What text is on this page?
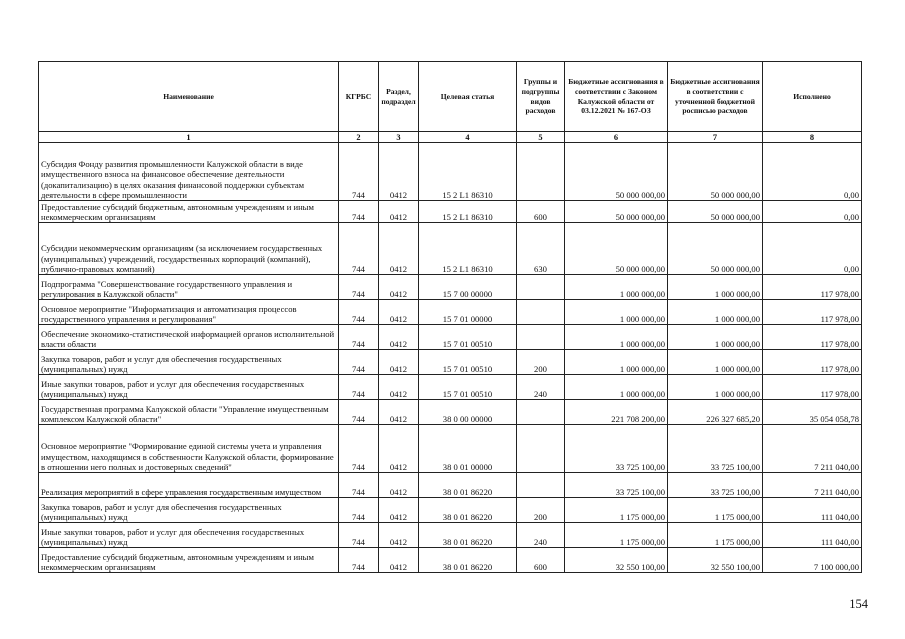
Наименование	КГРБС	Раздел, подраздел	Целевая статья	Группы и подгруппы видов расходов	Бюджетные ассигнования в соответствии с Законом Калужской области от 03.12.2021 № 167-ОЗ	Бюджетные ассигнования в соответствии с уточненной бюджетной росписью расходов	Исполнено
1	2	3	4	5	6	7	8
Субсидия Фонду развития промышленности Калужской области в виде имущественного взноса на финансовое обеспечение деятельности (докапитализацию) в целях оказания финансовой поддержки субъектам деятельности в сфере промышленности	744	0412	15 2 L1 86310		50 000 000,00	50 000 000,00	0,00
Предоставление субсидий бюджетным, автономным учреждениям и иным некоммерческим организациям	744	0412	15 2 L1 86310	600	50 000 000,00	50 000 000,00	0,00
Субсидии некоммерческим организациям (за исключением государственных (муниципальных) учреждений, государственных корпораций (компаний), публично-правовых компаний)	744	0412	15 2 L1 86310	630	50 000 000,00	50 000 000,00	0,00
Подпрограмма "Совершенствование государственного управления и регулирования в Калужской области"	744	0412	15 7 00 00000		1 000 000,00	1 000 000,00	117 978,00
Основное мероприятие "Информатизация и автоматизация процессов государственного управления и регулирования"	744	0412	15 7 01 00000		1 000 000,00	1 000 000,00	117 978,00
Обеспечение экономико-статистической информацией органов исполнительной власти области	744	0412	15 7 01 00510		1 000 000,00	1 000 000,00	117 978,00
Закупка товаров, работ и услуг для обеспечения государственных (муниципальных) нужд	744	0412	15 7 01 00510	200	1 000 000,00	1 000 000,00	117 978,00
Иные закупки товаров, работ и услуг для обеспечения государственных (муниципальных) нужд	744	0412	15 7 01 00510	240	1 000 000,00	1 000 000,00	117 978,00
Государственная программа Калужской области "Управление имущественным комплексом Калужской области"	744	0412	38 0 00 00000		221 708 200,00	226 327 685,20	35 054 058,78
Основное мероприятие "Формирование единой системы учета и управления имуществом, находящимся в собственности Калужской области, формирование в отношении него полных и достоверных сведений"	744	0412	38 0 01 00000		33 725 100,00	33 725 100,00	7 211 040,00
Реализация мероприятий в сфере управления государственным имуществом	744	0412	38 0 01 86220		33 725 100,00	33 725 100,00	7 211 040,00
Закупка товаров, работ и услуг для обеспечения государственных (муниципальных) нужд	744	0412	38 0 01 86220	200	1 175 000,00	1 175 000,00	111 040,00
Иные закупки товаров, работ и услуг для обеспечения государственных (муниципальных) нужд	744	0412	38 0 01 86220	240	1 175 000,00	1 175 000,00	111 040,00
Предоставление субсидий бюджетным, автономным учреждениям и иным некоммерческим организациям	744	0412	38 0 01 86220	600	32 550 100,00	32 550 100,00	7 100 000,00
154
